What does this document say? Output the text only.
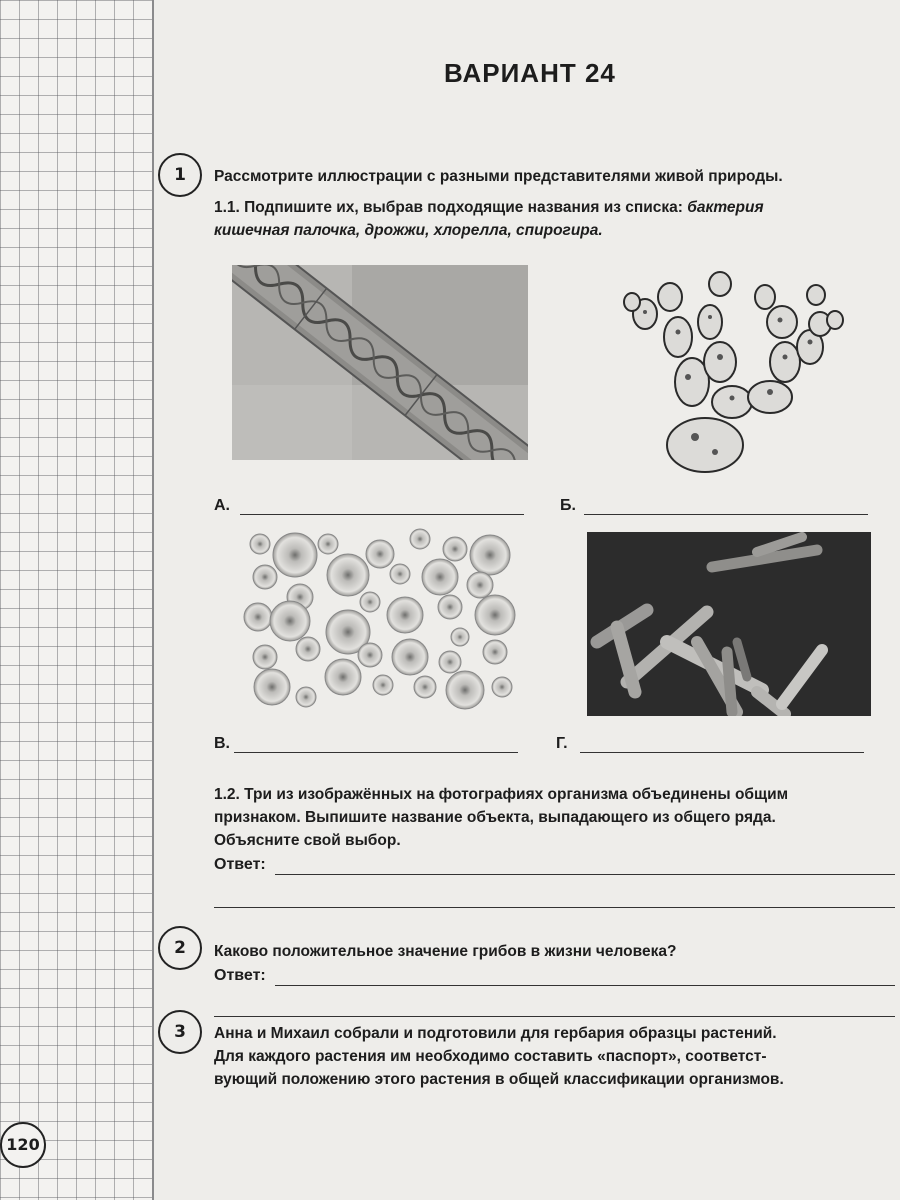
ВАРИАНТ 24
1	Рассмотрите иллюстрации с разными представителями живой природы.
1.1. Подпишите их, выбрав подходящие названия из списка: бактерия
кишечная палочка, дрожжи, хлорелла, спирогира.
А.	Б.
В.	Г.
1.2. Три из изображённых на фотографиях организма объединены общим
признаком. Выпишите название объекта, выпадающего из общего ряда.
Объясните свой выбор.
Ответ:
2	Каково положительное значение грибов в жизни человека?
Ответ:
3	Анна и Михаил собрали и подготовили для гербария образцы растений.
Для каждого растения им необходимо составить «паспорт», соответст-
вующий положению этого растения в общей классификации организмов.
120
